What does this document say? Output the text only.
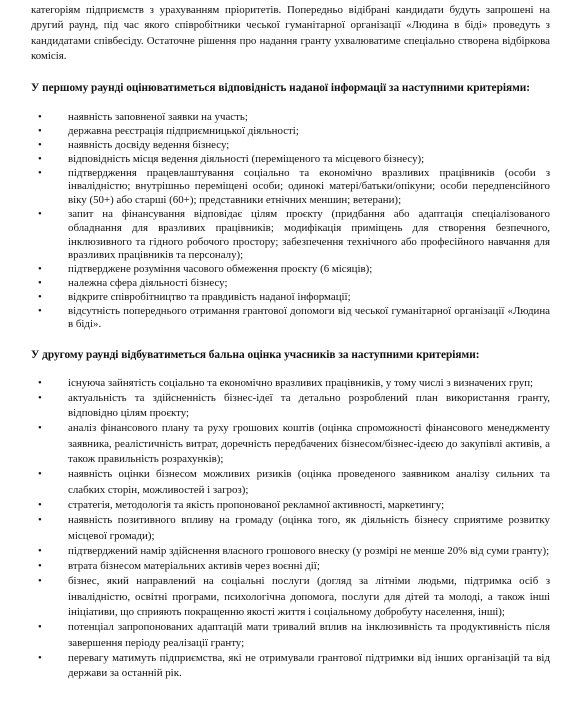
категоріям підприємств з урахуванням пріоритетів. Попередньо відібрані кандидати будуть запрошені на другий раунд, під час якого співробітники чеської гуманітарної організації «Людина в біді» проведуть з кандидатами співбесіду. Остаточне рішення про надання гранту ухвалюватиме спеціально створена відбіркова комісія.

У першому раунді оцінюватиметься відповідність наданої інформації за наступними критеріями:

• наявність заповненої заявки на участь;
• державна реєстрація підприємницької діяльності;
• наявність досвіду ведення бізнесу;
• відповідність місця ведення діяльності (переміщеного та місцевого бізнесу);
• підтвердження працевлаштування соціально та економічно вразливих працівників (особи з інвалідністю; внутрішньо переміщені особи; одинокі матері/батьки/опікуни; особи передпенсійного віку (50+) або старші (60+); представники етнічних меншин; ветерани);
• запит на фінансування відповідає цілям проєкту (придбання або адаптація спеціалізованого обладнання для вразливих працівників; модифікація приміщень для створення безпечного, інклюзивного та гідного робочого простору; забезпечення технічного або професійного навчання для вразливих працівників та персоналу);
• підтверджене розуміння часового обмеження проєкту (6 місяців);
• належна сфера діяльності бізнесу;
• відкрите співробітництво та правдивість наданої інформації;
• відсутність попереднього отримання грантової допомоги від чеської гуманітарної організації «Людина в біді».

У другому раунді відбуватиметься бальна оцінка учасників за наступними критеріями:

• існуюча зайнятість соціально та економічно вразливих працівників, у тому числі з визначених груп;
• актуальність та здійсненність бізнес-ідеї та детально розроблений план використання гранту, відповідно цілям проєкту;
• аналіз фінансового плану та руху грошових коштів (оцінка спроможності фінансового менеджменту заявника, реалістичність витрат, доречність передбачених бізнесом/бізнес-ідеєю до закупівлі активів, а також правильність розрахунків);
• наявність оцінки бізнесом можливих ризиків (оцінка проведеного заявником аналізу сильних та слабких сторін, можливостей і загроз);
• стратегія, методологія та якість пропонованої рекламної активності, маркетингу;
• наявність позитивного впливу на громаду (оцінка того, як діяльність бізнесу сприятиме розвитку місцевої громади);
• підтверджений намір здійснення власного грошового внеску (у розмірі не менше 20% від суми гранту);
• втрата бізнесом матеріальних активів через воєнні дії;
• бізнес, який направлений на соціальні послуги (догляд за літніми людьми, підтримка осіб з інвалідністю, освітні програми, психологічна допомога, послуги для дітей та молоді, а також інші ініціативи, що сприяють покращенню якості життя і соціальному добробуту населення, інші);
• потенціал запропонованих адаптацій мати тривалий вплив на інклюзивність та продуктивність після завершення періоду реалізації гранту;
• перевагу матимуть підприємства, які не отримували грантової підтримки від інших організацій та від держави за останній рік.
